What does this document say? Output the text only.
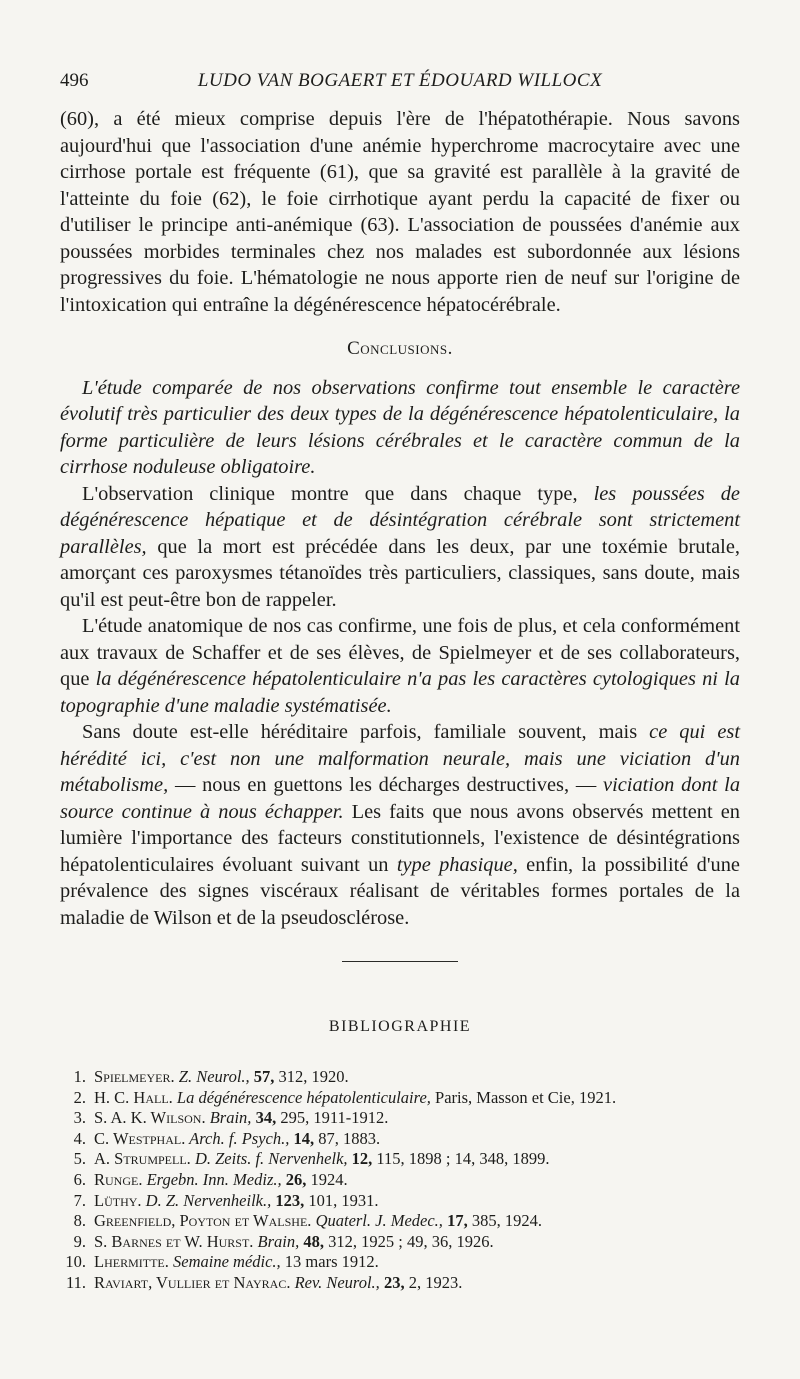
496	LUDO VAN BOGAERT ET ÉDOUARD WILLOCX

(60), a été mieux comprise depuis l'ère de l'hépatothérapie. Nous savons aujourd'hui que l'association d'une anémie hyperchrome macrocytaire avec une cirrhose portale est fréquente (61), que sa gravité est parallèle à la gravité de l'atteinte du foie (62), le foie cirrhotique ayant perdu la capacité de fixer ou d'utiliser le principe anti-anémique (63). L'association de poussées d'anémie aux poussées morbides terminales chez nos malades est subordonnée aux lésions progressives du foie. L'hématologie ne nous apporte rien de neuf sur l'origine de l'intoxication qui entraîne la dégénérescence hépatocérébrale.

Conclusions.

L'étude comparée de nos observations confirme tout ensemble le caractère évolutif très particulier des deux types de la dégénérescence hépatolenticulaire, la forme particulière de leurs lésions cérébrales et le caractère commun de la cirrhose noduleuse obligatoire.

L'observation clinique montre que dans chaque type, les poussées de dégénérescence hépatique et de désintégration cérébrale sont strictement parallèles, que la mort est précédée dans les deux, par une toxémie brutale, amorçant ces paroxysmes tétanoïdes très particuliers, classiques, sans doute, mais qu'il est peut-être bon de rappeler.

L'étude anatomique de nos cas confirme, une fois de plus, et cela conformément aux travaux de Schaffer et de ses élèves, de Spielmeyer et de ses collaborateurs, que la dégénérescence hépatolenticulaire n'a pas les caractères cytologiques ni la topographie d'une maladie systématisée.

Sans doute est-elle héréditaire parfois, familiale souvent, mais ce qui est hérédité ici, c'est non une malformation neurale, mais une viciation d'un métabolisme, — nous en guettons les décharges destructives, — viciation dont la source continue à nous échapper. Les faits que nous avons observés mettent en lumière l'importance des facteurs constitutionnels, l'existence de désintégrations hépatolenticulaires évoluant suivant un type phasique, enfin, la possibilité d'une prévalence des signes viscéraux réalisant de véritables formes portales de la maladie de Wilson et de la pseudosclérose.

BIBLIOGRAPHIE
1. Spielmeyer. Z. Neurol., 57, 312, 1920.
2. H. C. Hall. La dégénérescence hépatolenticulaire, Paris, Masson et Cie, 1921.
3. S. A. K. Wilson. Brain, 34, 295, 1911-1912.
4. C. Westphal. Arch. f. Psych., 14, 87, 1883.
5. A. Strumpell. D. Zeits. f. Nervenhelk, 12, 115, 1898 ; 14, 348, 1899.
6. Runge. Ergebn. Inn. Mediz., 26, 1924.
7. Lüthy. D. Z. Nervenheilk., 123, 101, 1931.
8. Greenfield, Poyton et Walshe. Quaterl. J. Medec., 17, 385, 1924.
9. S. Barnes et W. Hurst. Brain, 48, 312, 1925 ; 49, 36, 1926.
10. Lhermitte. Semaine médic., 13 mars 1912.
11. Raviart, Vullier et Nayrac. Rev. Neurol., 23, 2, 1923.
